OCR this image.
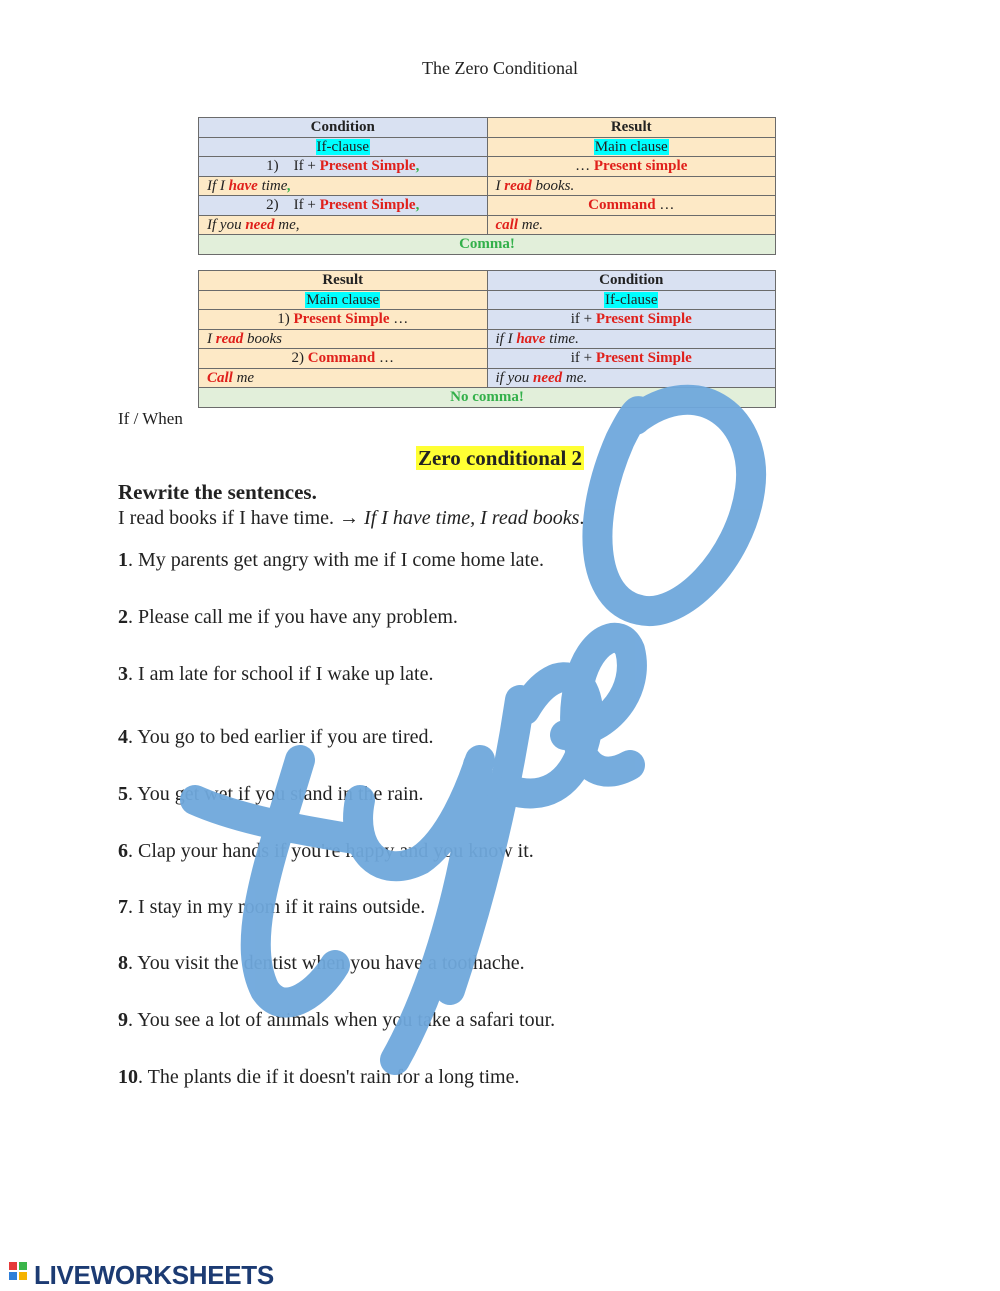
The Zero Conditional
Condition	Result
If-clause	Main clause
1) If + Present Simple,	… Present simple
If I have time,	I read books.
2) If + Present Simple,	Command …
If you need me,	call me.
Comma!	
Result	Condition
Main clause	If-clause
1) Present Simple …	if + Present Simple
I read books	if I have time.
2) Command …	if + Present Simple
Call me	if you need me.
No comma!	
If / When
Zero conditional 2
Rewrite the sentences.
I read books if I have time. → If I have time, I read books.
1. My parents get angry with me if I come home late.
2. Please call me if you have any problem.
3. I am late for school if I wake up late.
4. You go to bed earlier if you are tired.
5. You get wet if you stand in the rain.
6. Clap your hands if you're happy and you know it.
7. I stay in my room if it rains outside.
8. You visit the dentist when you have a toothache.
9. You see a lot of animals when you take a safari tour.
10. The plants die if it doesn't rain for a long time.
LIVEWORKSHEETS
